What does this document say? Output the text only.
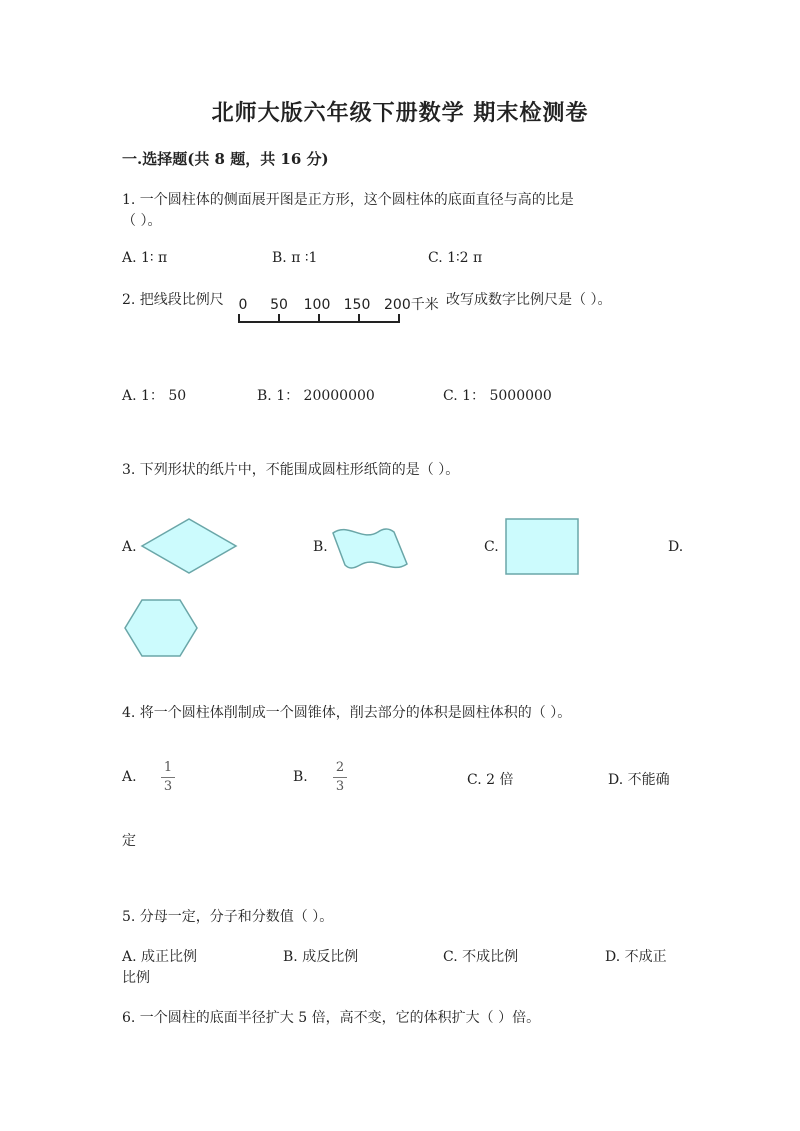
北师大版六年级下册数学 期末检测卷
一.选择题(共 8 题，共 16 分)
1. 一个圆柱体的侧面展开图是正方形，这个圆柱体的底面直径与高的比是
（ ）。
A. 1∶ π	B. π ∶1	C. 1∶2 π
2. 把线段比例尺 0 50 100 150 200千米 改写成数字比例尺是（ ）。
A. 1： 50	B. 1： 20000000	C. 1： 5000000
3. 下列形状的纸片中，不能围成圆柱形纸筒的是（ ）。
A.	B.	C.	D.
4. 将一个圆柱体削制成一个圆锥体，削去部分的体积是圆柱体积的（ ）。
A.
1
3
B.
2
3	C. 2 倍	D. 不能确
定
5. 分母一定，分子和分数值（ ）。
A. 成正比例	B. 成反比例	C. 不成比例	D. 不成正
比例
6. 一个圆柱的底面半径扩大 5 倍，高不变，它的体积扩大（ ）倍。
